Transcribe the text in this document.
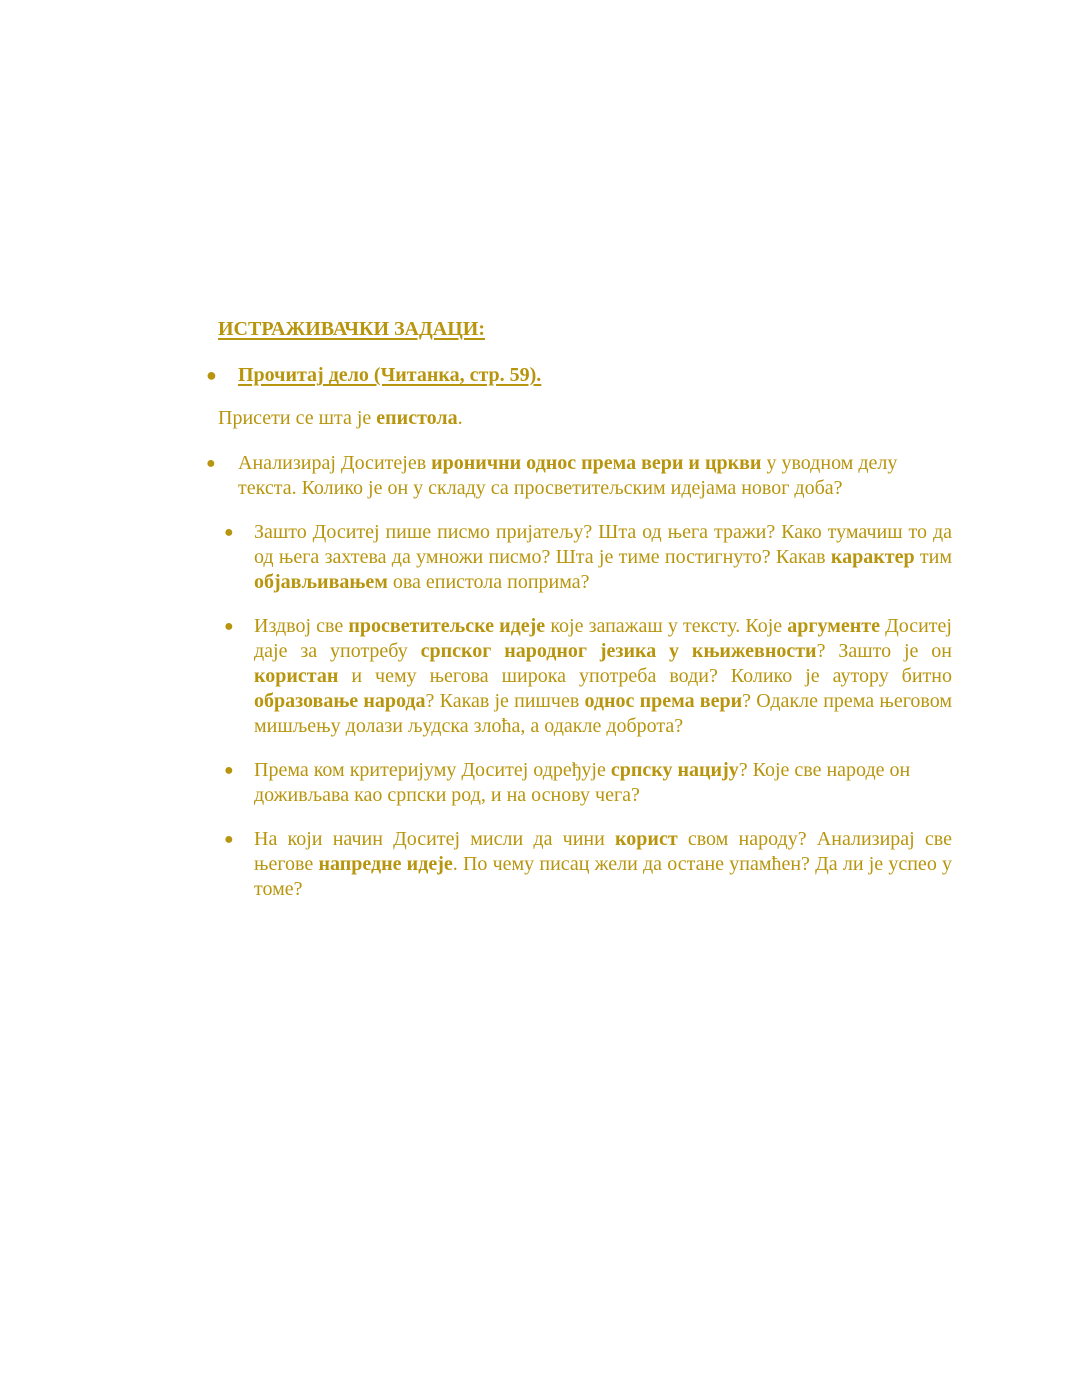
ИСТРАЖИВАЧКИ ЗАДАЦИ:
● Прочитај дело (Читанка, стр. 59).
Присети се шта је епистола.
● Анализирај Доситејев иронични однос према вери и цркви у уводном делу текста. Колико је он у складу са просветитељским идејама новог доба?
● Зашто Доситеј пише писмо пријатељу? Шта од њега тражи? Како тумачиш то да од њега захтева да умножи писмо? Шта је тиме постигнуто? Какав карактер тим објављивањем ова епистола поприма?
● Издвој све просветитељске идеје које запажаш у тексту. Које аргументе Доситеј даје за употребу српског народног језика у књижевности? Зашто је он користан и чему његова широка употреба води? Колико је аутору битно образовање народа? Какав је пишчев однос према вери? Одакле према његовом мишљењу долази људска злоћа, а одакле доброта?
● Према ком критеријуму Доситеј одређује српску нацију? Које све народе он доживљава као српски род, и на основу чега?
● На који начин Доситеј мисли да чини корист свом народу? Анализирај све његове напредне идеје. По чему писац жели да остане упамћен? Да ли је успео у томе?
